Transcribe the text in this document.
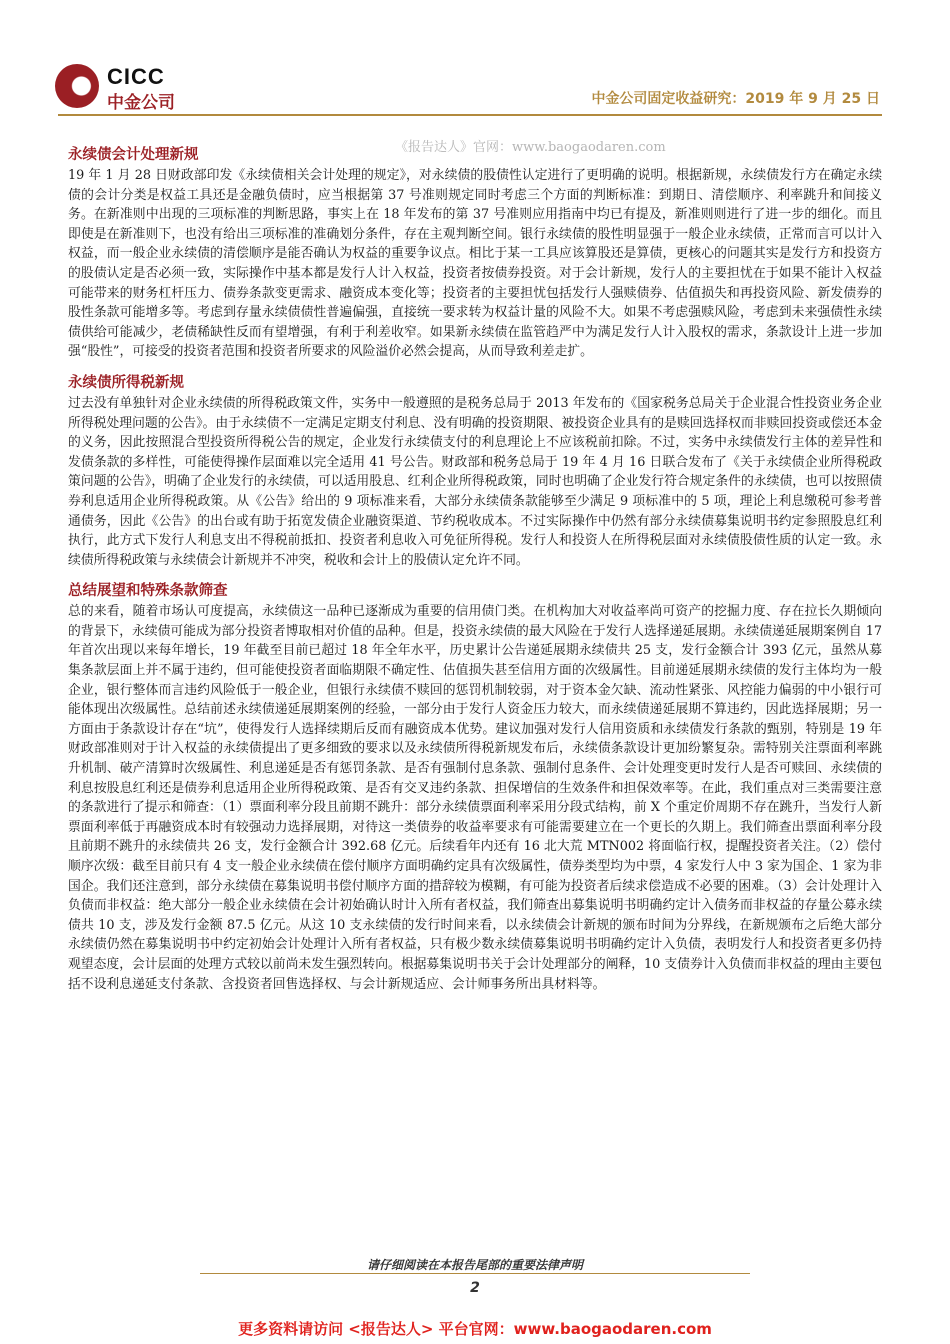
CICC
中金公司	中金公司固定收益研究：2019 年 9 月 25 日
《报告达人》官网：www.baogaodaren.com
永续债会计处理新规

19 年 1 月 28 日财政部印发《永续债相关会计处理的规定》，对永续债的股债性认定进行了更明确的说明。根据新规，永续债发行方在确定永续债的会计分类是权益工具还是金融负债时，应当根据第 37 号准则规定同时考虑三个方面的判断标准：到期日、清偿顺序、利率跳升和间接义务。在新准则中出现的三项标准的判断思路，事实上在 18 年发布的第 37 号准则应用指南中均已有提及，新准则则进行了进一步的细化。而且即使是在新准则下，也没有给出三项标准的准确划分条件，存在主观判断空间。银行永续债的股性明显强于一般企业永续债，正常而言可以计入权益，而一般企业永续债的清偿顺序是能否确认为权益的重要争议点。相比于某一工具应该算股还是算债，更核心的问题其实是发行方和投资方的股债认定是否必须一致，实际操作中基本都是发行人计入权益，投资者按债券投资。对于会计新规，发行人的主要担忧在于如果不能计入权益可能带来的财务杠杆压力、债券条款变更需求、融资成本变化等；投资者的主要担忧包括发行人强赎债券、估值损失和再投资风险、新发债券的股性条款可能增多等。考虑到存量永续债债性普遍偏强，直接统一要求转为权益计量的风险不大。如果不考虑强赎风险，考虑到未来强债性永续债供给可能减少，老债稀缺性反而有望增强，有利于利差收窄。如果新永续债在监管趋严中为满足发行人计入股权的需求，条款设计上进一步加强“股性”，可接受的投资者范围和投资者所要求的风险溢价必然会提高，从而导致利差走扩。

永续债所得税新规

过去没有单独针对企业永续债的所得税政策文件，实务中一般遵照的是税务总局于 2013 年发布的《国家税务总局关于企业混合性投资业务企业所得税处理问题的公告》。由于永续债不一定满足定期支付利息、没有明确的投资期限、被投资企业具有的是赎回选择权而非赎回投资或偿还本金的义务，因此按照混合型投资所得税公告的规定，企业发行永续债支付的利息理论上不应该税前扣除。不过，实务中永续债发行主体的差异性和发债条款的多样性，可能使得操作层面难以完全适用 41 号公告。财政部和税务总局于 19 年 4 月 16 日联合发布了《关于永续债企业所得税政策问题的公告》，明确了企业发行的永续债，可以适用股息、红利企业所得税政策，同时也明确了企业发行符合规定条件的永续债，也可以按照债券利息适用企业所得税政策。从《公告》给出的 9 项标准来看，大部分永续债条款能够至少满足 9 项标准中的 5 项，理论上利息缴税可参考普通债务，因此《公告》的出台或有助于拓宽发债企业融资渠道、节约税收成本。不过实际操作中仍然有部分永续债募集说明书约定参照股息红利执行，此方式下发行人利息支出不得税前抵扣、投资者利息收入可免征所得税。发行人和投资人在所得税层面对永续债股债性质的认定一致。永续债所得税政策与永续债会计新规并不冲突，税收和会计上的股债认定允许不同。

总结展望和特殊条款筛查

总的来看，随着市场认可度提高，永续债这一品种已逐渐成为重要的信用债门类。在机构加大对收益率尚可资产的挖掘力度、存在拉长久期倾向的背景下，永续债可能成为部分投资者博取相对价值的品种。但是，投资永续债的最大风险在于发行人选择递延展期。永续债递延展期案例自 17 年首次出现以来每年增长，19 年截至目前已超过 18 年全年水平，历史累计公告递延展期永续债共 25 支，发行金额合计 393 亿元，虽然从募集条款层面上并不属于违约，但可能使投资者面临期限不确定性、估值损失甚至信用方面的次级属性。目前递延展期永续债的发行主体均为一般企业，银行整体而言违约风险低于一般企业，但银行永续债不赎回的惩罚机制较弱，对于资本金欠缺、流动性紧张、风控能力偏弱的中小银行可能体现出次级属性。总结前述永续债递延展期案例的经验，一部分由于发行人资金压力较大，而永续债递延展期不算违约，因此选择展期；另一方面由于条款设计存在“坑”，使得发行人选择续期后反而有融资成本优势。建议加强对发行人信用资质和永续债发行条款的甄别，特别是 19 年财政部准则对于计入权益的永续债提出了更多细致的要求以及永续债所得税新规发布后，永续债条款设计更加纷繁复杂。需特别关注票面利率跳升机制、破产清算时次级属性、利息递延是否有惩罚条款、是否有强制付息条款、强制付息条件、会计处理变更时发行人是否可赎回、永续债的利息按股息红利还是债券利息适用企业所得税政策、是否有交叉违约条款、担保增信的生效条件和担保效率等。在此，我们重点对三类需要注意的条款进行了提示和筛查：（1）票面利率分段且前期不跳升：部分永续债票面利率采用分段式结构，前 X 个重定价周期不存在跳升，当发行人新票面利率低于再融资成本时有较强动力选择展期，对待这一类债券的收益率要求有可能需要建立在一个更长的久期上。我们筛查出票面利率分段且前期不跳升的永续债共 26 支，发行金额合计 392.68 亿元。后续看年内还有 16 北大荒 MTN002 将面临行权，提醒投资者关注。（2）偿付顺序次级：截至目前只有 4 支一般企业永续债在偿付顺序方面明确约定具有次级属性，债券类型均为中票，4 家发行人中 3 家为国企、1 家为非国企。我们还注意到，部分永续债在募集说明书偿付顺序方面的措辞较为模糊，有可能为投资者后续求偿造成不必要的困难。（3）会计处理计入负债而非权益：绝大部分一般企业永续债在会计初始确认时计入所有者权益，我们筛查出募集说明书明确约定计入债务而非权益的存量公募永续债共 10 支，涉及发行金额 87.5 亿元。从这 10 支永续债的发行时间来看，以永续债会计新规的颁布时间为分界线，在新规颁布之后绝大部分永续债仍然在募集说明书中约定初始会计处理计入所有者权益，只有极少数永续债募集说明书明确约定计入负债，表明发行人和投资者更多仍持观望态度，会计层面的处理方式较以前尚未发生强烈转向。根据募集说明书关于会计处理部分的阐释，10 支债券计入负债而非权益的理由主要包括不设利息递延支付条款、含投资者回售选择权、与会计新规适应、会计师事务所出具材料等。

请仔细阅读在本报告尾部的重要法律声明
2
更多资料请访问 <报告达人> 平台官网：www.baogaodaren.com
